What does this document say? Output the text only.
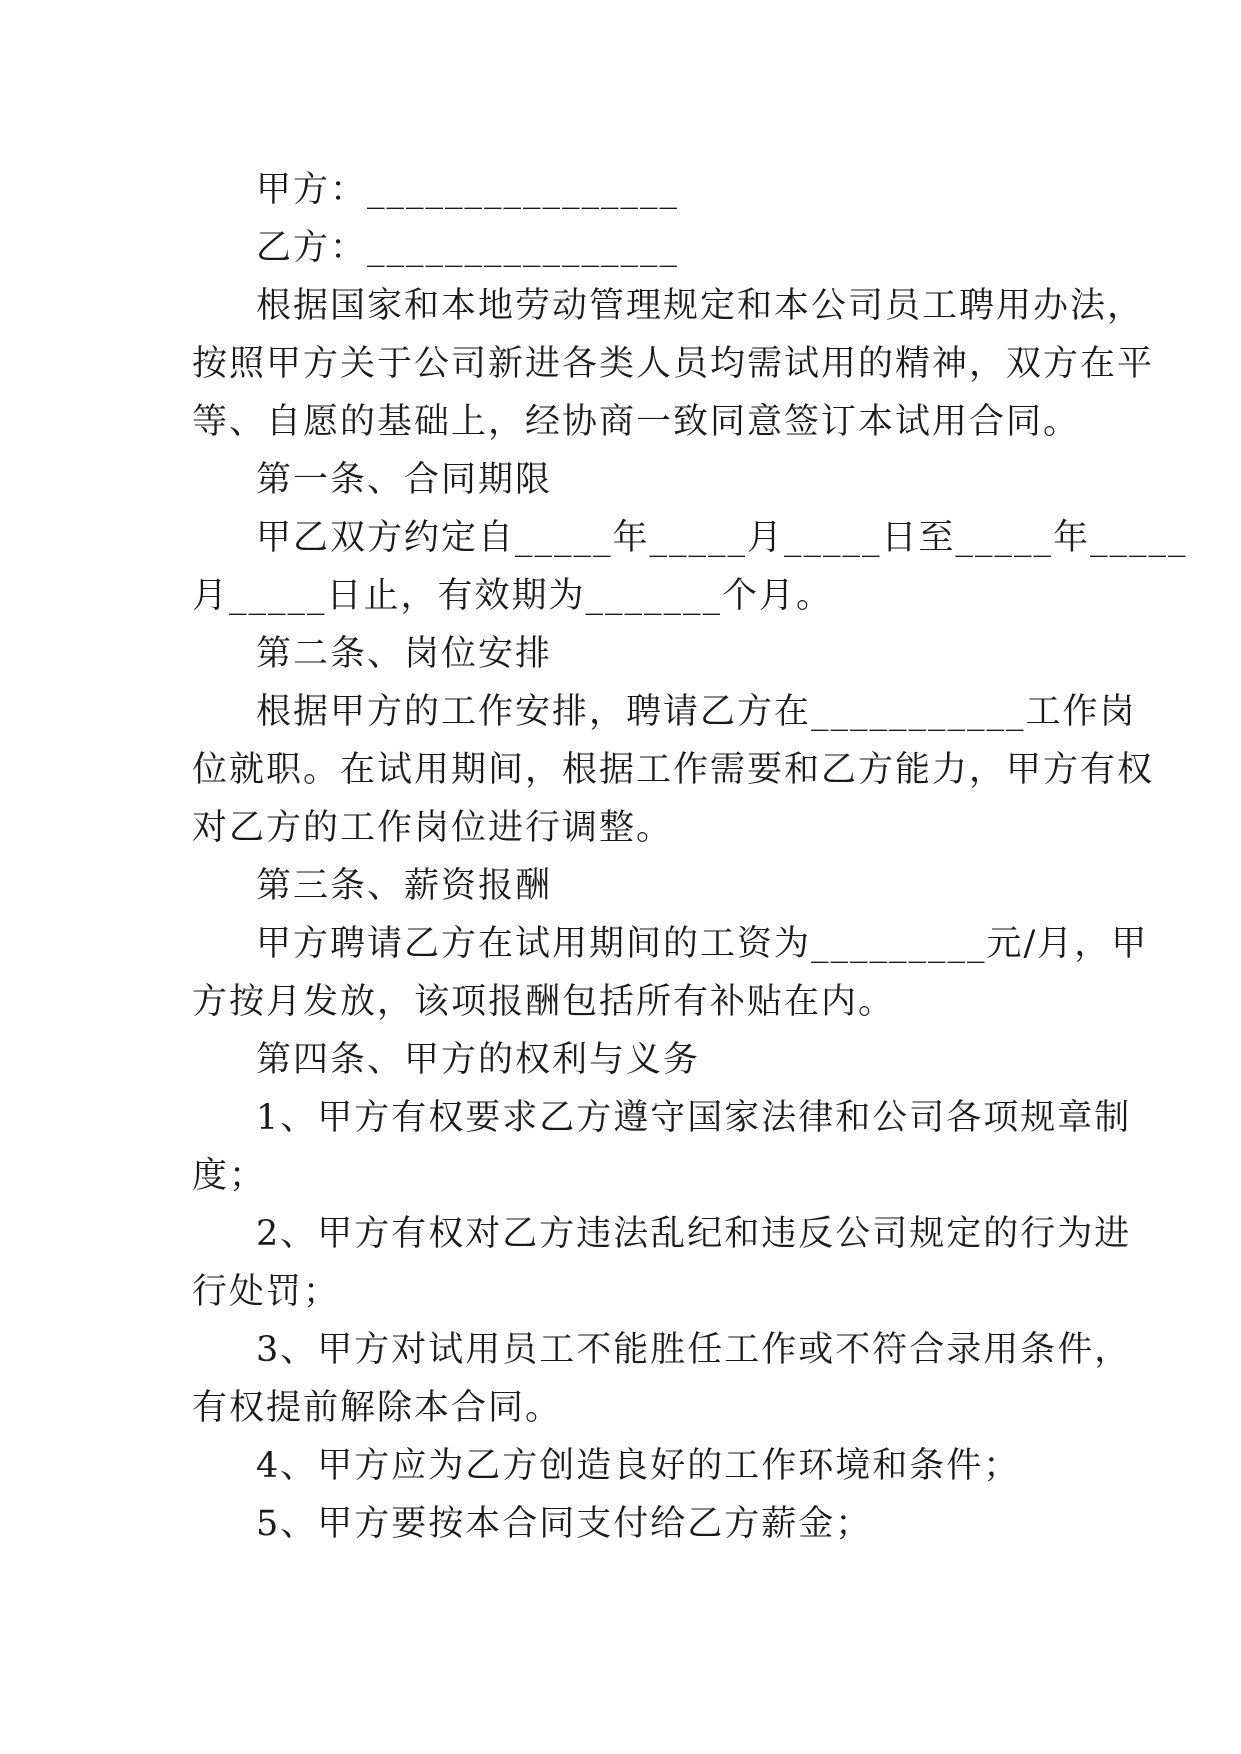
甲方：________________
乙方：________________
根据国家和本地劳动管理规定和本公司员工聘用办法，
按照甲方关于公司新进各类人员均需试用的精神，双方在平
等、自愿的基础上，经协商一致同意签订本试用合同。
第一条、合同期限
甲乙双方约定自_____年_____月_____日至_____年_____
月_____日止，有效期为_______个月。
第二条、岗位安排
根据甲方的工作安排，聘请乙方在___________工作岗
位就职。在试用期间，根据工作需要和乙方能力，甲方有权
对乙方的工作岗位进行调整。
第三条、薪资报酬
甲方聘请乙方在试用期间的工资为_________元/月，甲
方按月发放，该项报酬包括所有补贴在内。
第四条、甲方的权利与义务
1、甲方有权要求乙方遵守国家法律和公司各项规章制
度；
2、甲方有权对乙方违法乱纪和违反公司规定的行为进
行处罚；
3、甲方对试用员工不能胜任工作或不符合录用条件，
有权提前解除本合同。
4、甲方应为乙方创造良好的工作环境和条件；
5、甲方要按本合同支付给乙方薪金；
